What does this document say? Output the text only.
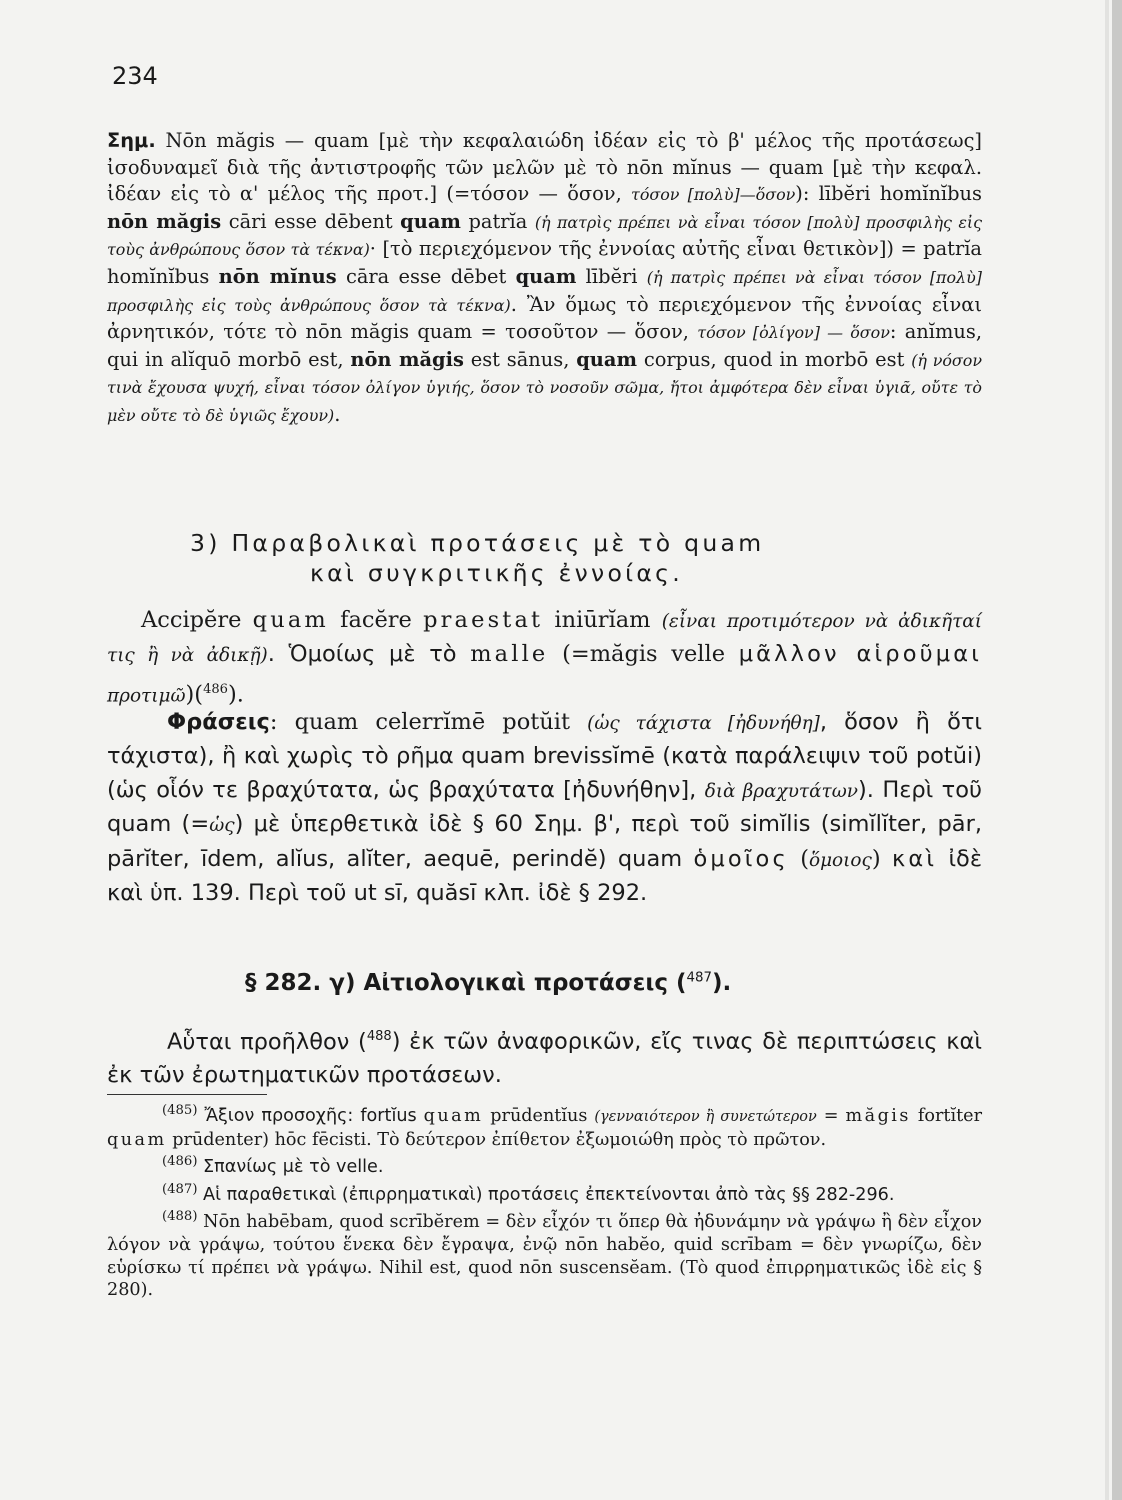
234

Σημ. Nōn măgis — quam [μὲ τὴν κεφαλαιώδη ἰδέαν εἰς τὸ β' μέλος τῆς προτάσεως] ἰσοδυναμεῖ διὰ τῆς ἀντιστροφῆς τῶν μελῶν μὲ τὸ nōn mĭnus — quam [μὲ τὴν κεφαλ. ἰδέαν εἰς τὸ α' μέλος τῆς προτ.] (=τόσον — ὅσον, τόσον [πολὺ]—ὅσον): lībĕri homĭnĭbus nōn măgis cāri esse dēbent quam patrĭa (ἡ πατρὶς πρέπει νὰ εἶναι τόσον [πολὺ] προσφιλὴς εἰς τοὺς ἀνθρώπους ὅσον τὰ τέκνα)· [τὸ περιεχόμενον τῆς ἐννοίας αὐτῆς εἶναι θετικὸν]) = patrĭa homĭnĭbus nōn mĭnus cāra esse dēbet quam lībĕri (ἡ πατρὶς πρέπει νὰ εἶναι τόσον [πολὺ] προσφιλὴς εἰς τοὺς ἀνθρώπους ὅσον τὰ τέκνα). Ἂν ὅμως τὸ περιεχόμενον τῆς ἐννοίας εἶναι ἀρνητικόν, τότε τὸ nōn măgis quam = τοσοῦτον — ὅσον, τόσον [ὀλίγον] — ὅσον: anĭmus, qui in alĭquō morbō est, nōn măgis est sānus, quam corpus, quod in morbō est (ἡ νόσον τινὰ ἔχουσα ψυχή, εἶναι τόσον ὀλίγον ὑγιής, ὅσον τὸ νοσοῦν σῶμα, ἤτοι ἀμφότερα δὲν εἶναι ὑγιᾶ, οὔτε τὸ μὲν οὔτε τὸ δὲ ὑγιῶς ἔχουν).

3) Παραβολικαὶ προτάσεις μὲ τὸ quam
καὶ συγκριτικῆς ἐννοίας.

Accipĕre quam facĕre praestat iniūrĭam (εἶναι προτιμότερον νὰ ἀδικῆταί τις ἢ νὰ ἀδικῇ). Ὁμοίως μὲ τὸ malle (=măgis velle μᾶλλον αἱροῦμαι προτιμῶ)($^{486}$).

Φράσεις: quam celerrĭmē potŭit (ὡς τάχιστα [ἠδυνήθη], ὅσον ἢ ὅτι τάχιστα), ἢ καὶ χωρὶς τὸ ρῆμα quam brevissĭmē (κατὰ παράλειψιν τοῦ potŭi) (ὡς οἷόν τε βραχύτατα, ὡς βραχύτατα [ἠδυνήθην], διὰ βραχυτάτων). Περὶ τοῦ quam (=ὡς) μὲ ὑπερθετικὰ ἰδὲ § 60 Σημ. β', περὶ τοῦ simĭlis (simĭlĭter, pār, pārĭter, īdem, alĭus, alĭter, aequē, perindĕ) quam ὁμοῖος (ὅμοιος) καὶ ἰδὲ καὶ ὑπ. 139. Περὶ τοῦ ut sī, quăsī κλπ. ἰδὲ § 292.

§ 282. γ) Αἰτιολογικαὶ προτάσεις ($^{487}$).

Αὗται προῆλθον ($^{488}$) ἐκ τῶν ἀναφορικῶν, εἴς τινας δὲ περιπτώσεις καὶ ἐκ τῶν ἐρωτηματικῶν προτάσεων.

$^{(485)}$ Ἄξιον προσοχῆς: fortĭus quam prūdentĭus (γενναιότερον ἢ συνετώτερον = măgis fortĭter quam prūdenter) hōc fēcisti. Τὸ δεύτερον ἐπίθετον ἐξωμοιώθη πρὸς τὸ πρῶτον.

$^{(486)}$ Σπανίως μὲ τὸ velle.

$^{(487)}$ Αἱ παραθετικαὶ (ἐπιρρηματικαὶ) προτάσεις ἐπεκτείνονται ἀπὸ τὰς §§ 282-296.

$^{(488)}$ Nōn habēbam, quod scrībĕrem = δὲν εἶχόν τι ὅπερ θὰ ἠδυνάμην νὰ γράψω ἢ δὲν εἶχον λόγον νὰ γράψω, τούτου ἕνεκα δὲν ἔγραψα, ἐνῷ nōn habĕo, quid scrībam = δὲν γνωρίζω, δὲν εὑρίσκω τί πρέπει νὰ γράψω. Nihil est, quod nōn suscensĕam. (Τὸ quod ἐπιρρηματικῶς ἰδὲ εἰς § 280).
